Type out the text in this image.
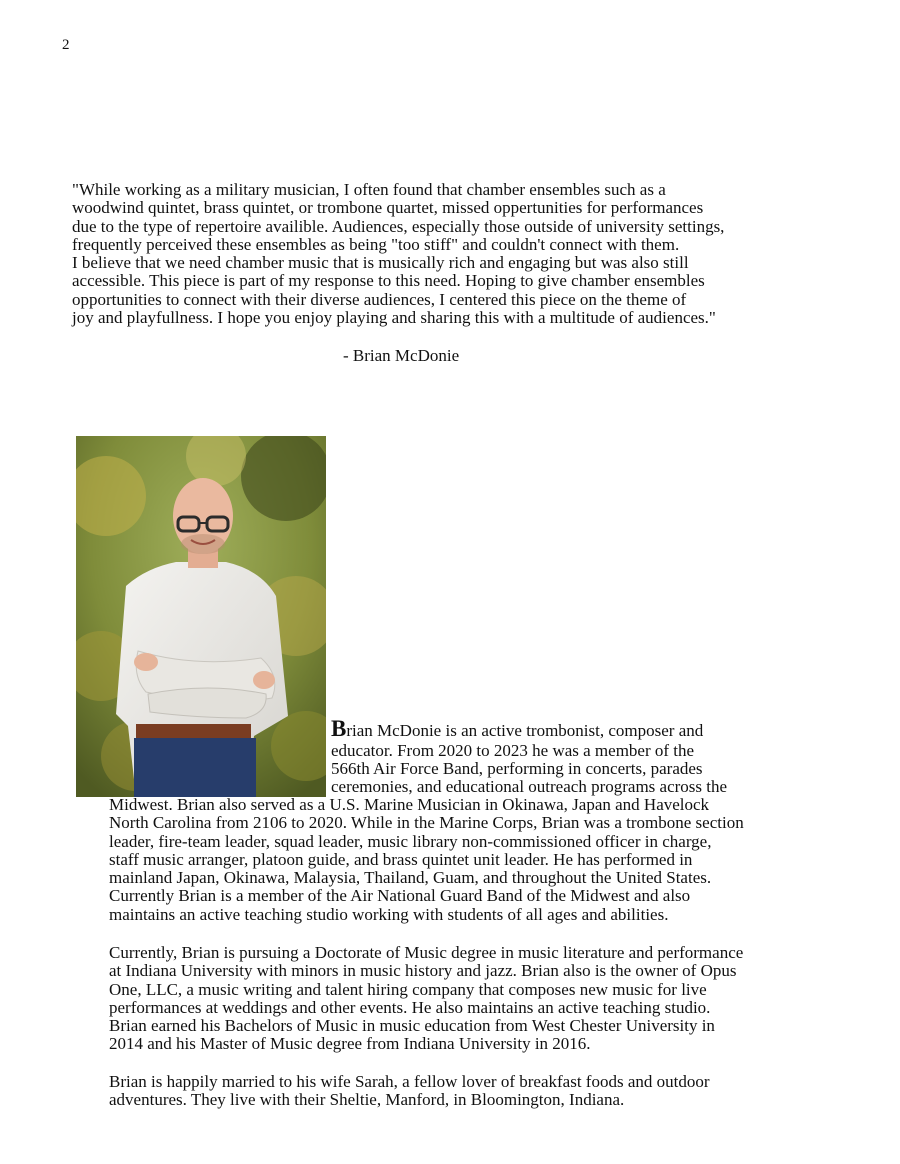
2
"While working as a military musician, I often found that chamber ensembles such as a
woodwind quintet, brass quintet, or trombone quartet, missed oppertunities for performances
due to the type of repertoire availible. Audiences, especially those outside of university settings,
frequently perceived these ensembles as being "too stiff" and couldn't connect with them.
I believe that we need chamber music that is musically rich and engaging but was also still
accessible. This piece is part of my response to this need. Hoping to give chamber ensembles
opportunities to connect with their diverse audiences, I centered this piece on the theme of
joy and playfullness. I hope you enjoy playing and sharing this with a multitude of audiences."
- Brian McDonie
Brian McDonie is an active trombonist, composer and
educator. From 2020 to 2023 he was a member of the
566th Air Force Band, performing in concerts, parades
ceremonies, and educational outreach programs across the
Midwest. Brian also served as a U.S. Marine Musician in Okinawa, Japan and Havelock
North Carolina from 2106 to 2020. While in the Marine Corps, Brian was a trombone section
leader, fire-team leader, squad leader, music library non-commissioned officer in charge,
staff music arranger, platoon guide, and brass quintet unit leader. He has performed in
mainland Japan, Okinawa, Malaysia, Thailand, Guam, and throughout the United States.
Currently Brian is a member of the Air National Guard Band of the Midwest and also
maintains an active teaching studio working with students of all ages and abilities.
Currently, Brian is pursuing a Doctorate of Music degree in music literature and performance
at Indiana University with minors in music history and jazz. Brian also is the owner of Opus
One, LLC, a music writing and talent hiring company that composes new music for live
performances at weddings and other events. He also maintains an active teaching studio.
Brian earned his Bachelors of Music in music education from West Chester University in
2014 and his Master of Music degree from Indiana University in 2016.
Brian is happily married to his wife Sarah, a fellow lover of breakfast foods and outdoor
adventures. They live with their Sheltie, Manford, in Bloomington, Indiana.
